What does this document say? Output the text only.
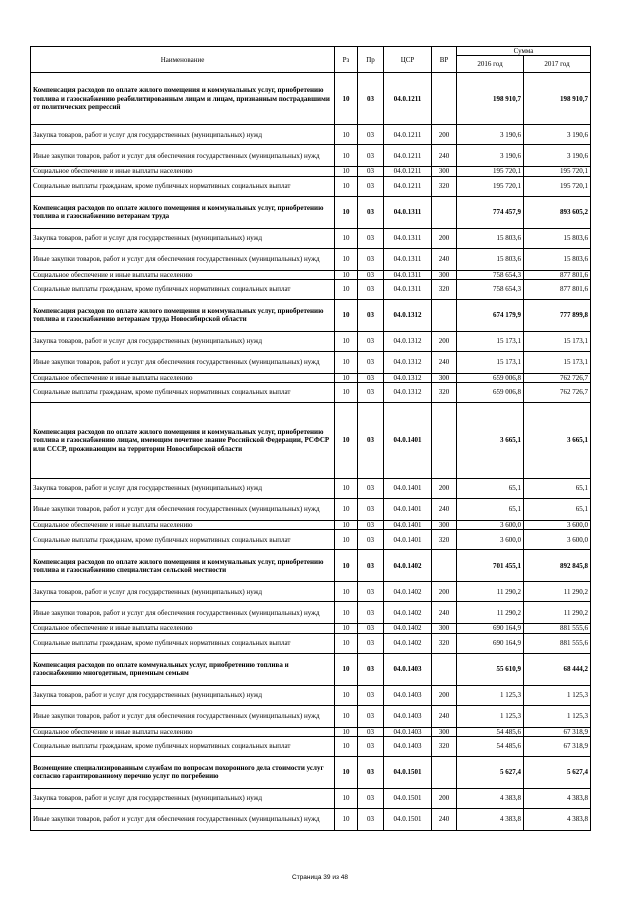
Наименование	Рз	Пр	ЦСР	ВР	Сумма	
					2016 год	2017 год
Компенсация расходов по оплате жилого помещения и коммунальных услуг, приобретению топлива и газоснабжению реабилитированным лицам и лицам, признанным пострадавшими от политических репрессий	10	03	04.0.1211		198 910,7	198 910,7
Закупка товаров, работ и услуг для государственных (муниципальных) нужд	10	03	04.0.1211	200	3 190,6	3 190,6
Иные закупки товаров, работ и услуг для обеспечения государственных (муниципальных) нужд	10	03	04.0.1211	240	3 190,6	3 190,6
Социальное обеспечение и иные выплаты населению	10	03	04.0.1211	300	195 720,1	195 720,1
Социальные выплаты гражданам, кроме публичных нормативных социальных выплат	10	03	04.0.1211	320	195 720,1	195 720,1
Компенсация расходов по оплате жилого помещения и коммунальных услуг, приобретению топлива и газоснабжению ветеранам труда	10	03	04.0.1311		774 457,9	893 605,2
Закупка товаров, работ и услуг для государственных (муниципальных) нужд	10	03	04.0.1311	200	15 803,6	15 803,6
Иные закупки товаров, работ и услуг для обеспечения государственных (муниципальных) нужд	10	03	04.0.1311	240	15 803,6	15 803,6
Социальное обеспечение и иные выплаты населению	10	03	04.0.1311	300	758 654,3	877 801,6
Социальные выплаты гражданам, кроме публичных нормативных социальных выплат	10	03	04.0.1311	320	758 654,3	877 801,6
Компенсация расходов по оплате жилого помещения и коммунальных услуг, приобретению топлива и газоснабжению ветеранам труда Новосибирской области	10	03	04.0.1312		674 179,9	777 899,8
Закупка товаров, работ и услуг для государственных (муниципальных) нужд	10	03	04.0.1312	200	15 173,1	15 173,1
Иные закупки товаров, работ и услуг для обеспечения государственных (муниципальных) нужд	10	03	04.0.1312	240	15 173,1	15 173,1
Социальное обеспечение и иные выплаты населению	10	03	04.0.1312	300	659 006,8	762 726,7
Социальные выплаты гражданам, кроме публичных нормативных социальных выплат	10	03	04.0.1312	320	659 006,8	762 726,7
Компенсация расходов по оплате жилого помещения и коммунальных услуг, приобретению топлива и газоснабжению лицам, имеющим почетное звание Российской Федерации, РСФСР или СССР, проживающим на территории Новосибирской области	10	03	04.0.1401		3 665,1	3 665,1
Закупка товаров, работ и услуг для государственных (муниципальных) нужд	10	03	04.0.1401	200	65,1	65,1
Иные закупки товаров, работ и услуг для обеспечения государственных (муниципальных) нужд	10	03	04.0.1401	240	65,1	65,1
Социальное обеспечение и иные выплаты населению	10	03	04.0.1401	300	3 600,0	3 600,0
Социальные выплаты гражданам, кроме публичных нормативных социальных выплат	10	03	04.0.1401	320	3 600,0	3 600,0
Компенсация расходов по оплате жилого помещения и коммунальных услуг, приобретению топлива и газоснабжению специалистам сельской местности	10	03	04.0.1402		701 455,1	892 845,8
Закупка товаров, работ и услуг для государственных (муниципальных) нужд	10	03	04.0.1402	200	11 290,2	11 290,2
Иные закупки товаров, работ и услуг для обеспечения государственных (муниципальных) нужд	10	03	04.0.1402	240	11 290,2	11 290,2
Социальное обеспечение и иные выплаты населению	10	03	04.0.1402	300	690 164,9	881 555,6
Социальные выплаты гражданам, кроме публичных нормативных социальных выплат	10	03	04.0.1402	320	690 164,9	881 555,6
Компенсация расходов по оплате коммунальных услуг, приобретению топлива и газоснабжению многодетным, приемным семьям	10	03	04.0.1403		55 610,9	68 444,2
Закупка товаров, работ и услуг для государственных (муниципальных) нужд	10	03	04.0.1403	200	1 125,3	1 125,3
Иные закупки товаров, работ и услуг для обеспечения государственных (муниципальных) нужд	10	03	04.0.1403	240	1 125,3	1 125,3
Социальное обеспечение и иные выплаты населению	10	03	04.0.1403	300	54 485,6	67 318,9
Социальные выплаты гражданам, кроме публичных нормативных социальных выплат	10	03	04.0.1403	320	54 485,6	67 318,9
Возмещение специализированным службам по вопросам похоронного дела стоимости услуг согласно гарантированному перечню услуг по погребению	10	03	04.0.1501		5 627,4	5 627,4
Закупка товаров, работ и услуг для государственных (муниципальных) нужд	10	03	04.0.1501	200	4 383,8	4 383,8
Иные закупки товаров, работ и услуг для обеспечения государственных (муниципальных) нужд	10	03	04.0.1501	240	4 383,8	4 383,8
Страница 39 из 48
